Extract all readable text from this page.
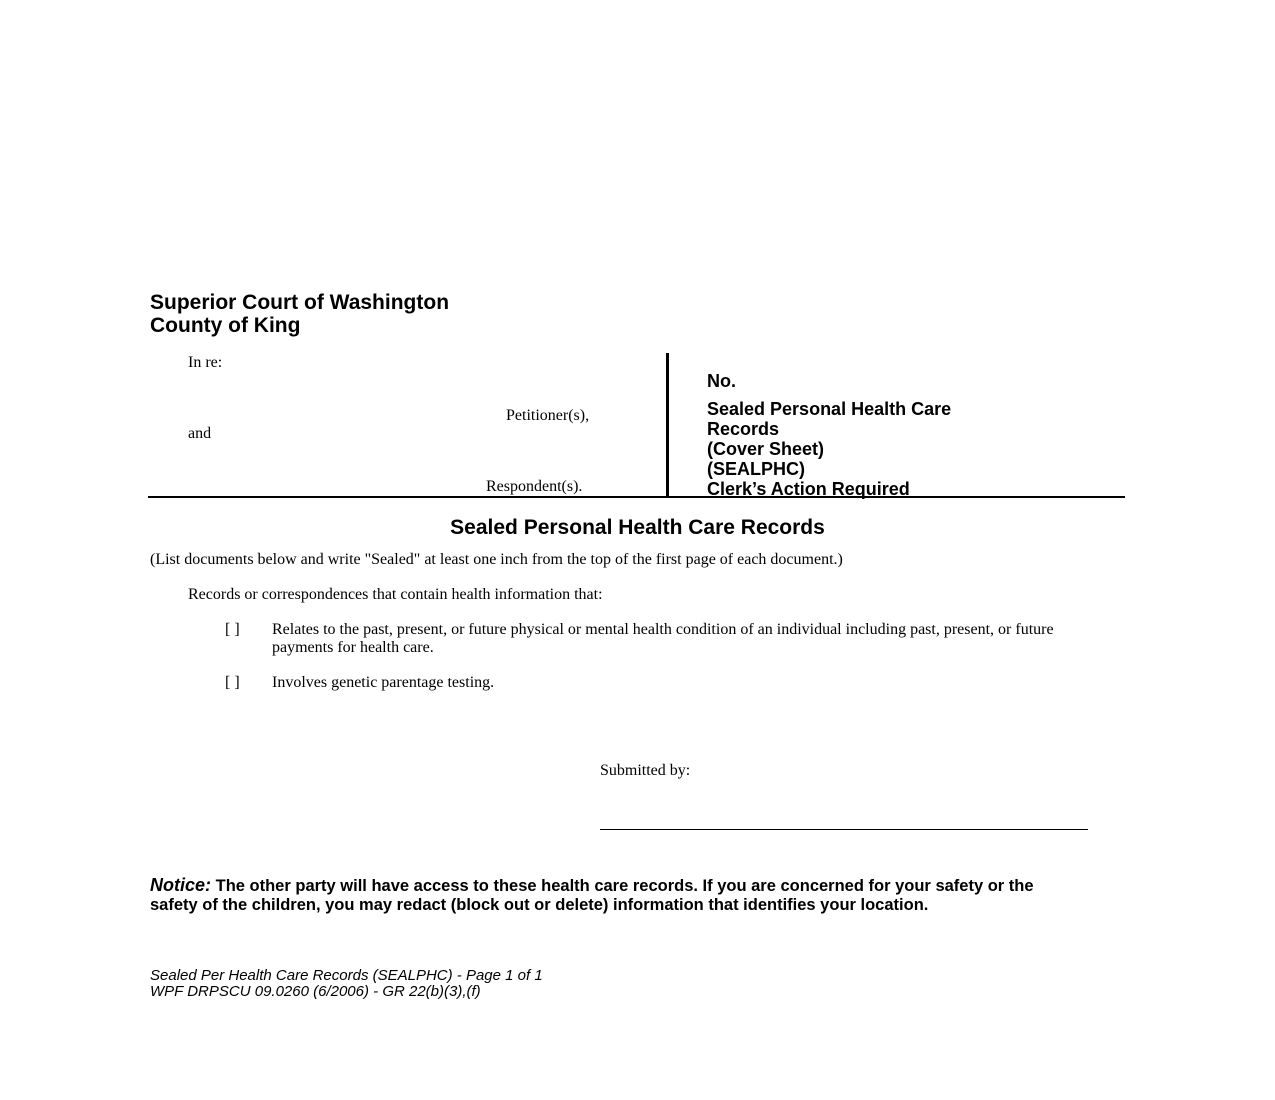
Superior Court of Washington
County of King
In re:
Petitioner(s),
and
Respondent(s).
No.
Sealed Personal Health Care
Records
(Cover Sheet)
(SEALPHC)
Clerk’s Action Required
Sealed Personal Health Care Records
(List documents below and write "Sealed" at least one inch from the top of the first page of each document.)
Records or correspondences that contain health information that:
[ ] Relates to the past, present, or future physical or mental health condition of an individual including past, present, or future payments for health care.
[ ] Involves genetic parentage testing.
Submitted by:
Notice: The other party will have access to these health care records. If you are concerned for your safety or the safety of the children, you may redact (block out or delete) information that identifies your location.
Sealed Per Health Care Records (SEALPHC) - Page 1 of 1
WPF DRPSCU 09.0260 (6/2006) - GR 22(b)(3),(f)
